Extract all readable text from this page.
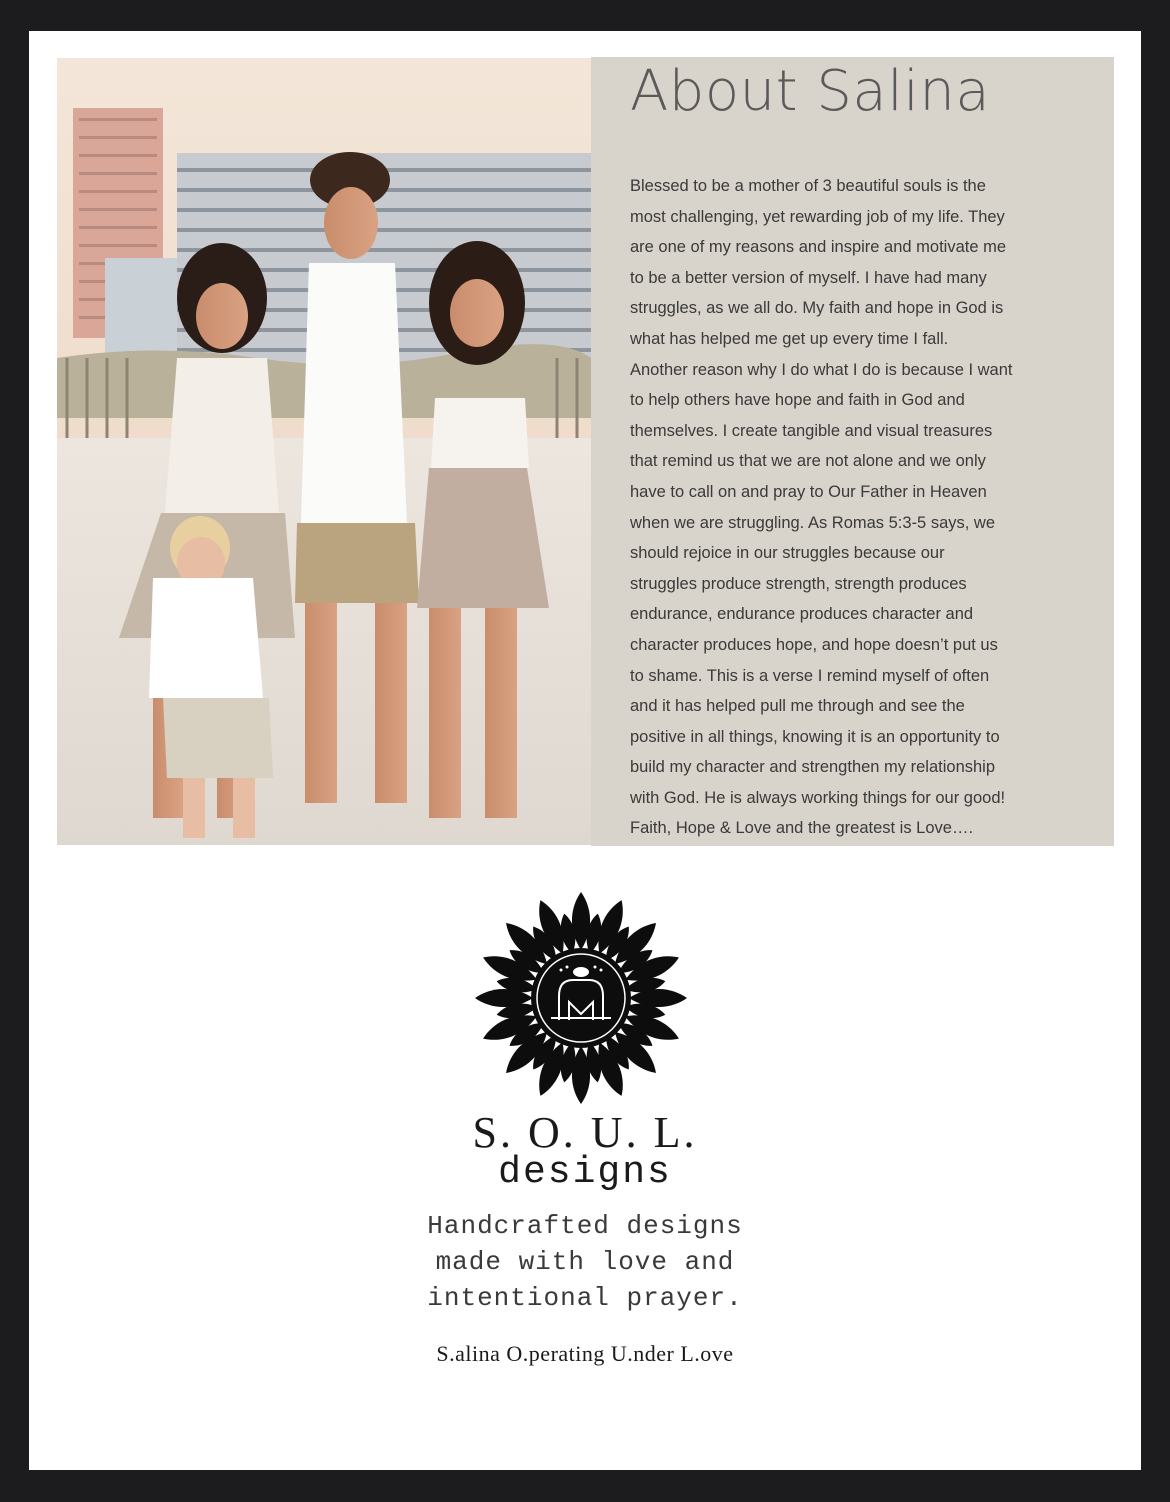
About Salina

Blessed to be a mother of 3 beautiful souls is the
most challenging, yet rewarding job of my life. They
are one of my reasons and inspire and motivate me
to be a better version of myself. I have had many
struggles, as we all do. My faith and hope in God is
what has helped me get up every time I fall.
Another reason why I do what I do is because I want
to help others have hope and faith in God and
themselves. I create tangible and visual treasures
that remind us that we are not alone and we only
have to call on and pray to Our Father in Heaven
when we are struggling. As Romas 5:3-5 says, we
should rejoice in our struggles because our
struggles produce strength, strength produces
endurance, endurance produces character and
character produces hope, and hope doesn’t put us
to shame. This is a verse I remind myself of often
and it has helped pull me through and see the
positive in all things, knowing it is an opportunity to
build my character and strengthen my relationship
with God. He is always working things for our good!
Faith, Hope & Love and the greatest is Love….

S. O. U. L.

designs

Handcrafted designs
made with love and
intentional prayer.

S.alina O.perating U.nder L.ove
